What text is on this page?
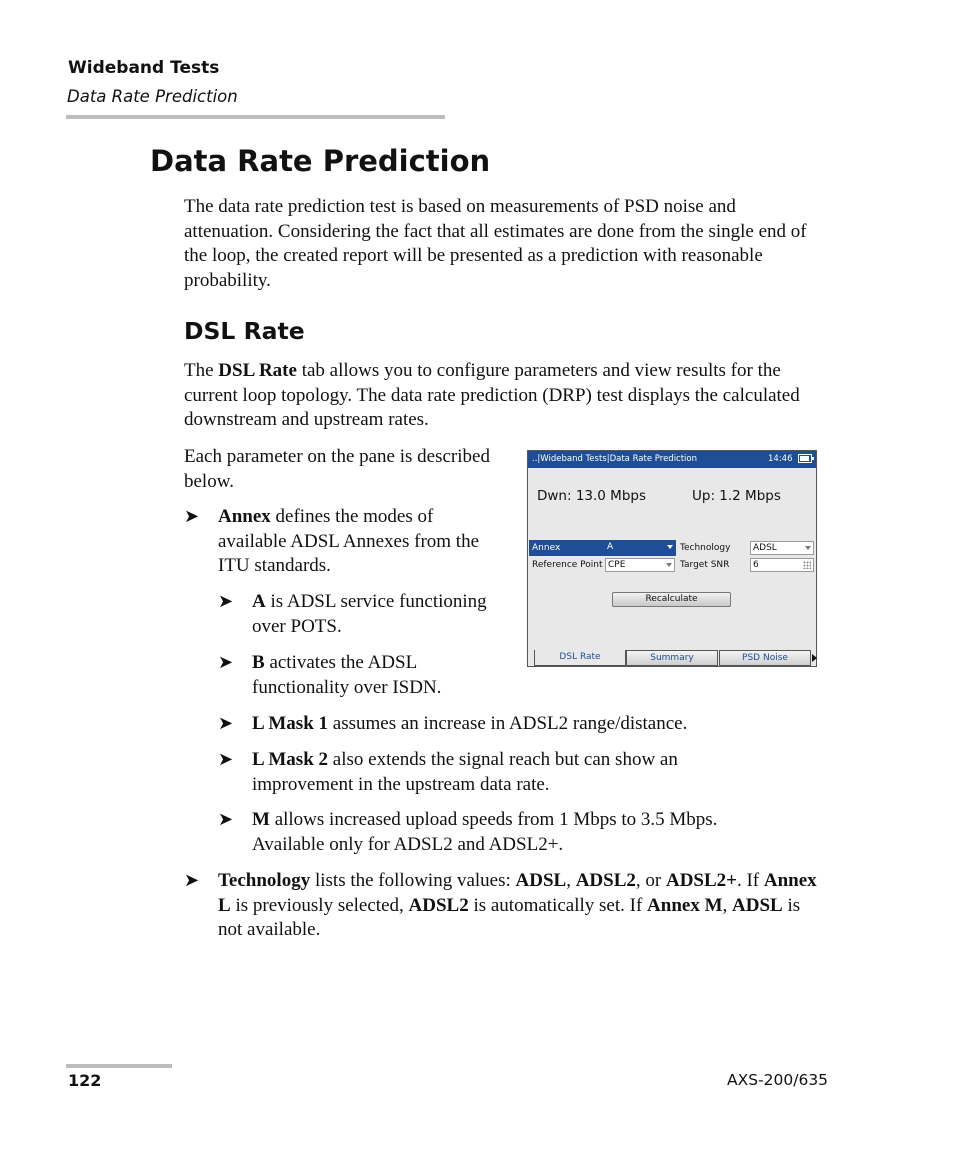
Wideband Tests
Data Rate Prediction
Data Rate Prediction

The data rate prediction test is based on measurements of PSD noise and attenuation. Considering the fact that all estimates are done from the single end of the loop, the created report will be presented as a prediction with reasonable probability.

DSL Rate

The DSL Rate tab allows you to configure parameters and view results for the current loop topology. The data rate prediction (DRP) test displays the calculated downstream and upstream rates.

Each parameter on the pane is described below.

➤ Annex defines the modes of available ADSL Annexes from the ITU standards.
➤ A is ADSL service functioning over POTS.
➤ B activates the ADSL functionality over ISDN.
➤ L Mask 1 assumes an increase in ADSL2 range/distance.
➤ L Mask 2 also extends the signal reach but can show an improvement in the upstream data rate.
➤ M allows increased upload speeds from 1 Mbps to 3.5 Mbps. Available only for ADSL2 and ADSL2+.
➤ Technology lists the following values: ADSL, ADSL2, or ADSL2+. If Annex L is previously selected, ADSL2 is automatically set. If Annex M, ADSL is not available.
..|Wideband Tests|Data Rate Prediction	14:46
Dwn: 13.0 Mbps	Up: 1.2 Mbps
Annex	A
Reference Point CPE
Technology	ADSL
Target SNR	6
Recalculate
DSL Rate	Summary	PSD Noise
122	AXS-200/635
